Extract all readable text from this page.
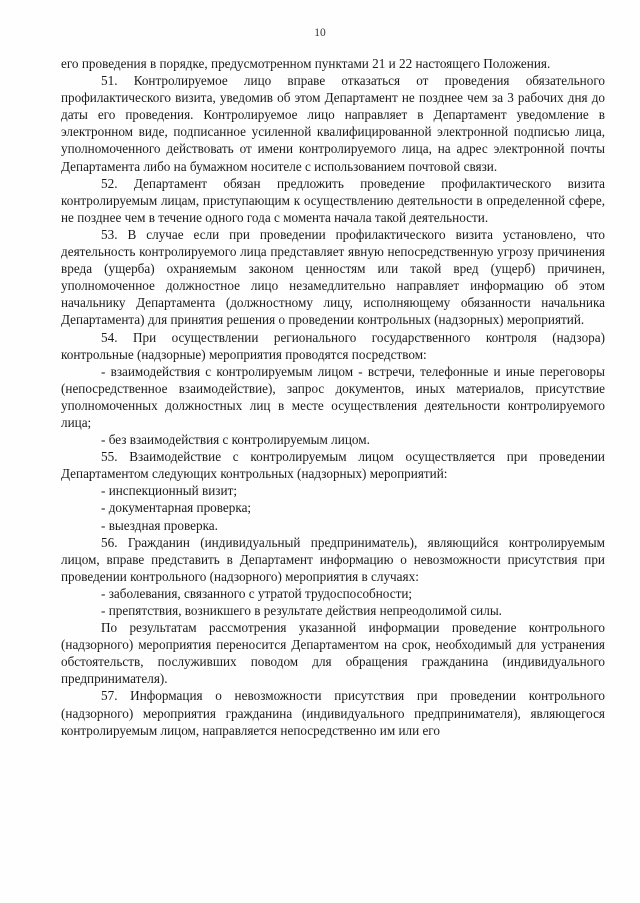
10

его проведения в порядке, предусмотренном пунктами 21 и 22 настоящего Положения.

51. Контролируемое лицо вправе отказаться от проведения обязательного профилактического визита, уведомив об этом Департамент не позднее чем за 3 рабочих дня до даты его проведения. Контролируемое лицо направляет в Департамент уведомление в электронном виде, подписанное усиленной квалифицированной электронной подписью лица, уполномоченного действовать от имени контролируемого лица, на адрес электронной почты Департамента либо на бумажном носителе с использованием почтовой связи.

52. Департамент обязан предложить проведение профилактического визита контролируемым лицам, приступающим к осуществлению деятельности в определенной сфере, не позднее чем в течение одного года с момента начала такой деятельности.

53. В случае если при проведении профилактического визита установлено, что деятельность контролируемого лица представляет явную непосредственную угрозу причинения вреда (ущерба) охраняемым законом ценностям или такой вред (ущерб) причинен, уполномоченное должностное лицо незамедлительно направляет информацию об этом начальнику Департамента (должностному лицу, исполняющему обязанности начальника Департамента) для принятия решения о проведении контрольных (надзорных) мероприятий.

54. При осуществлении регионального государственного контроля (надзора) контрольные (надзорные) мероприятия проводятся посредством:

- взаимодействия с контролируемым лицом - встречи, телефонные и иные переговоры (непосредственное взаимодействие), запрос документов, иных материалов, присутствие уполномоченных должностных лиц в месте осуществления деятельности контролируемого лица;

- без взаимодействия с контролируемым лицом.

55. Взаимодействие с контролируемым лицом осуществляется при проведении Департаментом следующих контрольных (надзорных) мероприятий:

- инспекционный визит;

- документарная проверка;

- выездная проверка.

56. Гражданин (индивидуальный предприниматель), являющийся контролируемым лицом, вправе представить в Департамент информацию о невозможности присутствия при проведении контрольного (надзорного) мероприятия в случаях:

- заболевания, связанного с утратой трудоспособности;

- препятствия, возникшего в результате действия непреодолимой силы.

По результатам рассмотрения указанной информации проведение контрольного (надзорного) мероприятия переносится Департаментом на срок, необходимый для устранения обстоятельств, послуживших поводом для обращения гражданина (индивидуального предпринимателя).

57. Информация о невозможности присутствия при проведении контрольного (надзорного) мероприятия гражданина (индивидуального предпринимателя), являющегося контролируемым лицом, направляется непосредственно им или его
